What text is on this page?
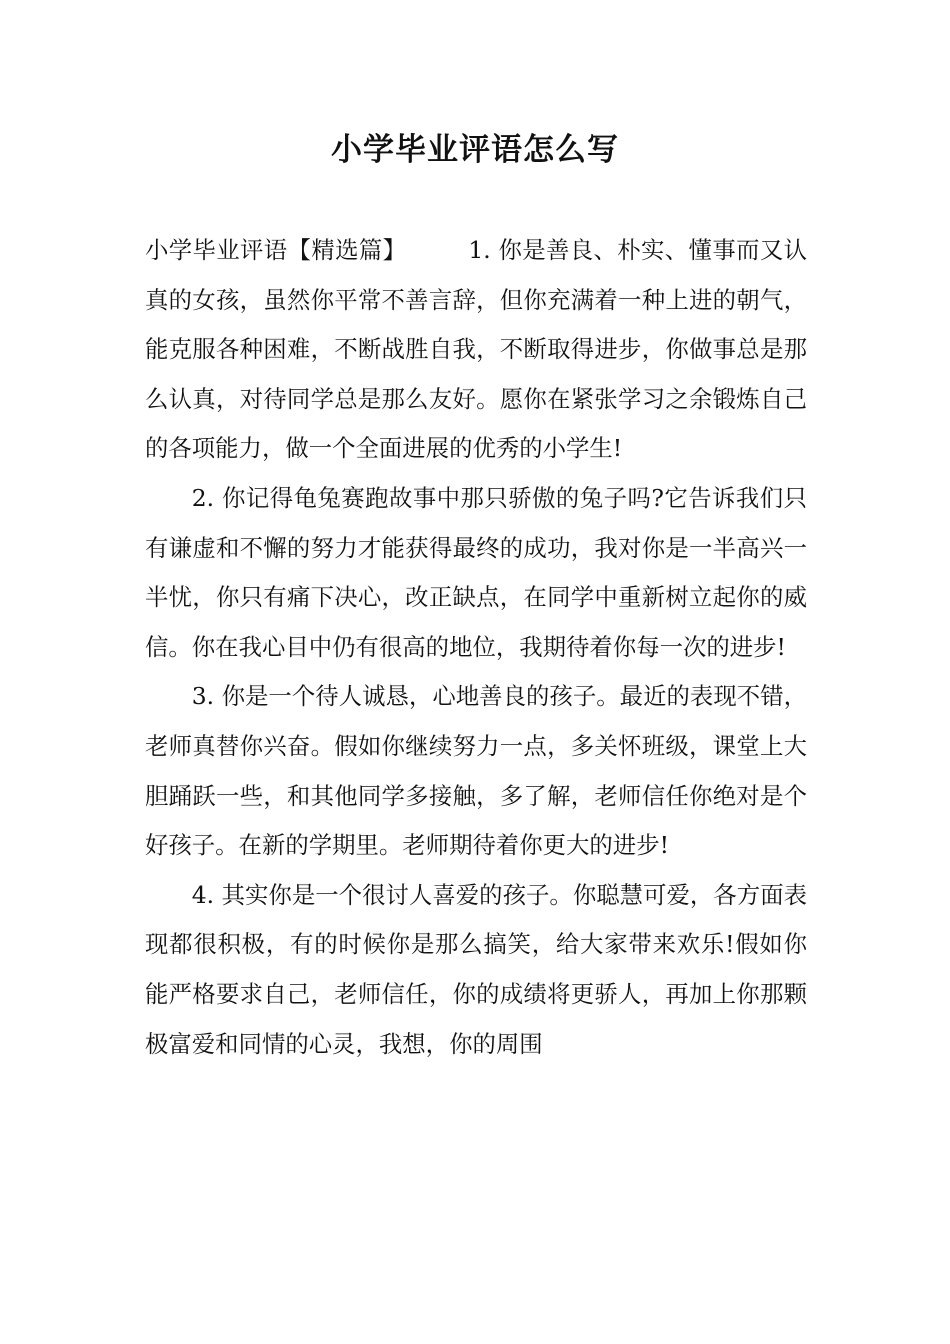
小学毕业评语怎么写

小学毕业评语【精选篇】	1. 你是善良、朴实、懂事而又认真的女孩，虽然你平常不善言辞，但你充满着一种上进的朝气，能克服各种困难，不断战胜自我，不断取得进步，你做事总是那么认真，对待同学总是那么友好。愿你在紧张学习之余锻炼自己的各项能力，做一个全面进展的优秀的小学生!

2. 你记得龟兔赛跑故事中那只骄傲的兔子吗?它告诉我们只有谦虚和不懈的努力才能获得最终的成功，我对你是一半高兴一半忧，你只有痛下决心，改正缺点，在同学中重新树立起你的威信。你在我心目中仍有很高的地位，我期待着你每一次的进步!

3. 你是一个待人诚恳，心地善良的孩子。最近的表现不错，老师真替你兴奋。假如你继续努力一点，多关怀班级，课堂上大胆踊跃一些，和其他同学多接触，多了解，老师信任你绝对是个好孩子。在新的学期里。老师期待着你更大的进步!

4. 其实你是一个很讨人喜爱的孩子。你聪慧可爱，各方面表现都很积极，有的时候你是那么搞笑，给大家带来欢乐!假如你能严格要求自己，老师信任，你的成绩将更骄人，再加上你那颗极富爱和同情的心灵，我想，你的周围
